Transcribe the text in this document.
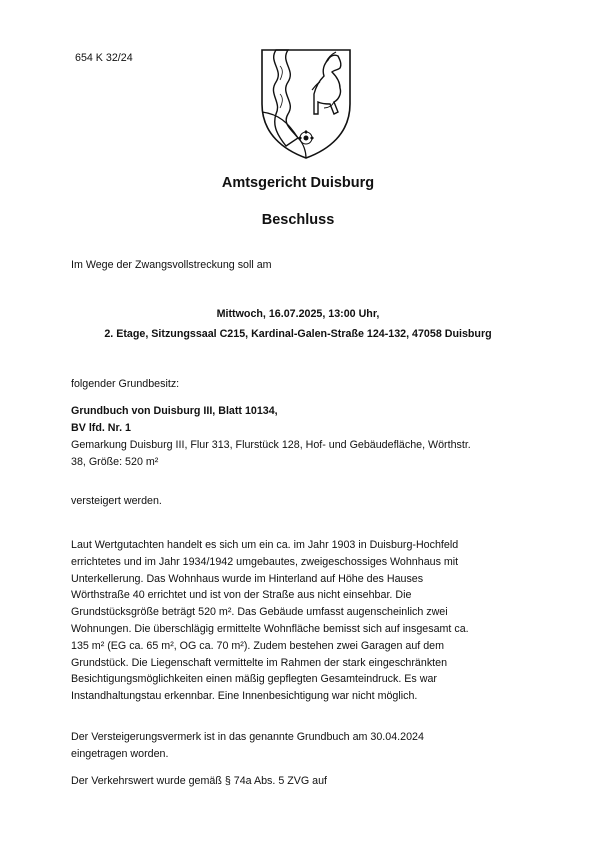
654 K 32/24
Amtsgericht Duisburg
Beschluss
Im Wege der Zwangsvollstreckung soll am
Mittwoch, 16.07.2025, 13:00 Uhr,
2. Etage, Sitzungssaal C215, Kardinal-Galen-Straße 124-132, 47058 Duisburg
folgender Grundbesitz:
Grundbuch von Duisburg III, Blatt 10134,
BV lfd. Nr. 1
Gemarkung Duisburg III, Flur 313, Flurstück 128, Hof- und Gebäudefläche, Wörthstr.
38, Größe: 520 m²
versteigert werden.
Laut Wertgutachten handelt es sich um ein ca. im Jahr 1903 in Duisburg-Hochfeld
errichtetes und im Jahr 1934/1942 umgebautes, zweigeschossiges Wohnhaus mit
Unterkellerung. Das Wohnhaus wurde im Hinterland auf Höhe des Hauses
Wörthstraße 40 errichtet und ist von der Straße aus nicht einsehbar. Die
Grundstücksgröße beträgt 520 m². Das Gebäude umfasst augenscheinlich zwei
Wohnungen. Die überschlägig ermittelte Wohnfläche bemisst sich auf insgesamt ca.
135 m² (EG ca. 65 m², OG ca. 70 m²). Zudem bestehen zwei Garagen auf dem
Grundstück. Die Liegenschaft vermittelte im Rahmen der stark eingeschränkten
Besichtigungsmöglichkeiten einen mäßig gepflegten Gesamteindruck. Es war
Instandhaltungstau erkennbar. Eine Innenbesichtigung war nicht möglich.
Der Versteigerungsvermerk ist in das genannte Grundbuch am 30.04.2024
eingetragen worden.
Der Verkehrswert wurde gemäß § 74a Abs. 5 ZVG auf
